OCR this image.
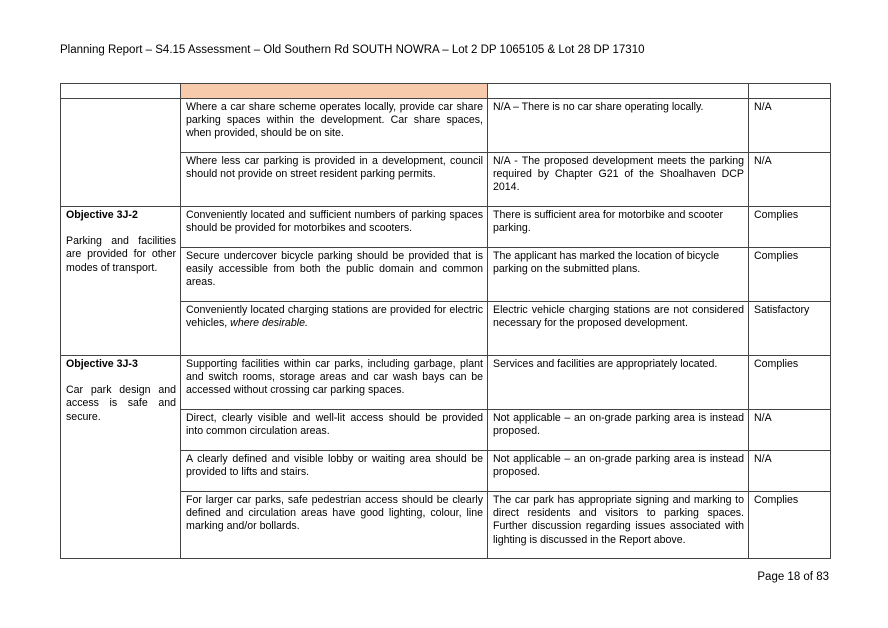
Planning Report – S4.15 Assessment – Old Southern Rd SOUTH NOWRA – Lot 2 DP 1065105 & Lot 28 DP 17310

	Where a car share scheme operates locally, provide car share parking spaces within the development. Car share spaces, when provided, should be on site.	N/A – There is no car share operating locally.	N/A
	Where less car parking is provided in a development, council should not provide on street resident parking permits.	N/A - The proposed development meets the parking required by Chapter G21 of the Shoalhaven DCP 2014.	N/A

Objective 3J-2
Parking and facilities are provided for other modes of transport.	Conveniently located and sufficient numbers of parking spaces should be provided for motorbikes and scooters.	There is sufficient area for motorbike and scooter parking.	Complies
	Secure undercover bicycle parking should be provided that is easily accessible from both the public domain and common areas.	The applicant has marked the location of bicycle parking on the submitted plans.	Complies
	Conveniently located charging stations are provided for electric vehicles, where desirable.	Electric vehicle charging stations are not considered necessary for the proposed development.	Satisfactory

Objective 3J-3
Car park design and access is safe and secure.	Supporting facilities within car parks, including garbage, plant and switch rooms, storage areas and car wash bays can be accessed without crossing car parking spaces.	Services and facilities are appropriately located.	Complies
	Direct, clearly visible and well-lit access should be provided into common circulation areas.	Not applicable – an on-grade parking area is instead proposed.	N/A
	A clearly defined and visible lobby or waiting area should be provided to lifts and stairs.	Not applicable – an on-grade parking area is instead proposed.	N/A
	For larger car parks, safe pedestrian access should be clearly defined and circulation areas have good lighting, colour, line marking and/or bollards.	The car park has appropriate signing and marking to direct residents and visitors to parking spaces. Further discussion regarding issues associated with lighting is discussed in the Report above.	Complies
Page 18 of 83
